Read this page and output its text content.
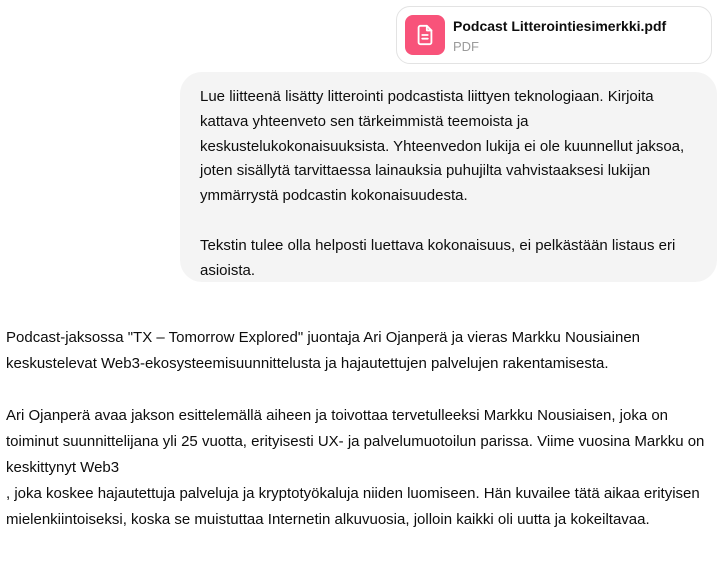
Podcast Litterointiesimerkki.pdf
PDF

Lue liitteenä lisätty litterointi podcastista liittyen teknologiaan. Kirjoita kattava yhteenveto sen tärkeimmistä teemoista ja keskustelukokonaisuuksista. Yhteenvedon lukija ei ole kuunnellut jaksoa, joten sisällytä tarvittaessa lainauksia puhujilta vahvistaaksesi lukijan ymmärrystä podcastin kokonaisuudesta.

Tekstin tulee olla helposti luettava kokonaisuus, ei pelkästään listaus eri asioista.

Podcast-jaksossa "TX – Tomorrow Explored" juontaja Ari Ojanperä ja vieras Markku Nousiainen keskustelevat Web3-ekosysteemisuunnittelusta ja hajautettujen palvelujen rakentamisesta.

Ari Ojanperä avaa jakson esittelemällä aiheen ja toivottaa tervetulleeksi Markku Nousiaisen, joka on toiminut suunnittelijana yli 25 vuotta, erityisesti UX- ja palvelumuotoilun parissa. Viime vuosina Markku on keskittynyt Web3

, joka koskee hajautettuja palveluja ja kryptotyökaluja niiden luomiseen. Hän kuvailee tätä aikaa erityisen mielenkiintoiseksi, koska se muistuttaa Internetin alkuvuosia, jolloin kaikki oli uutta ja kokeiltavaa.
